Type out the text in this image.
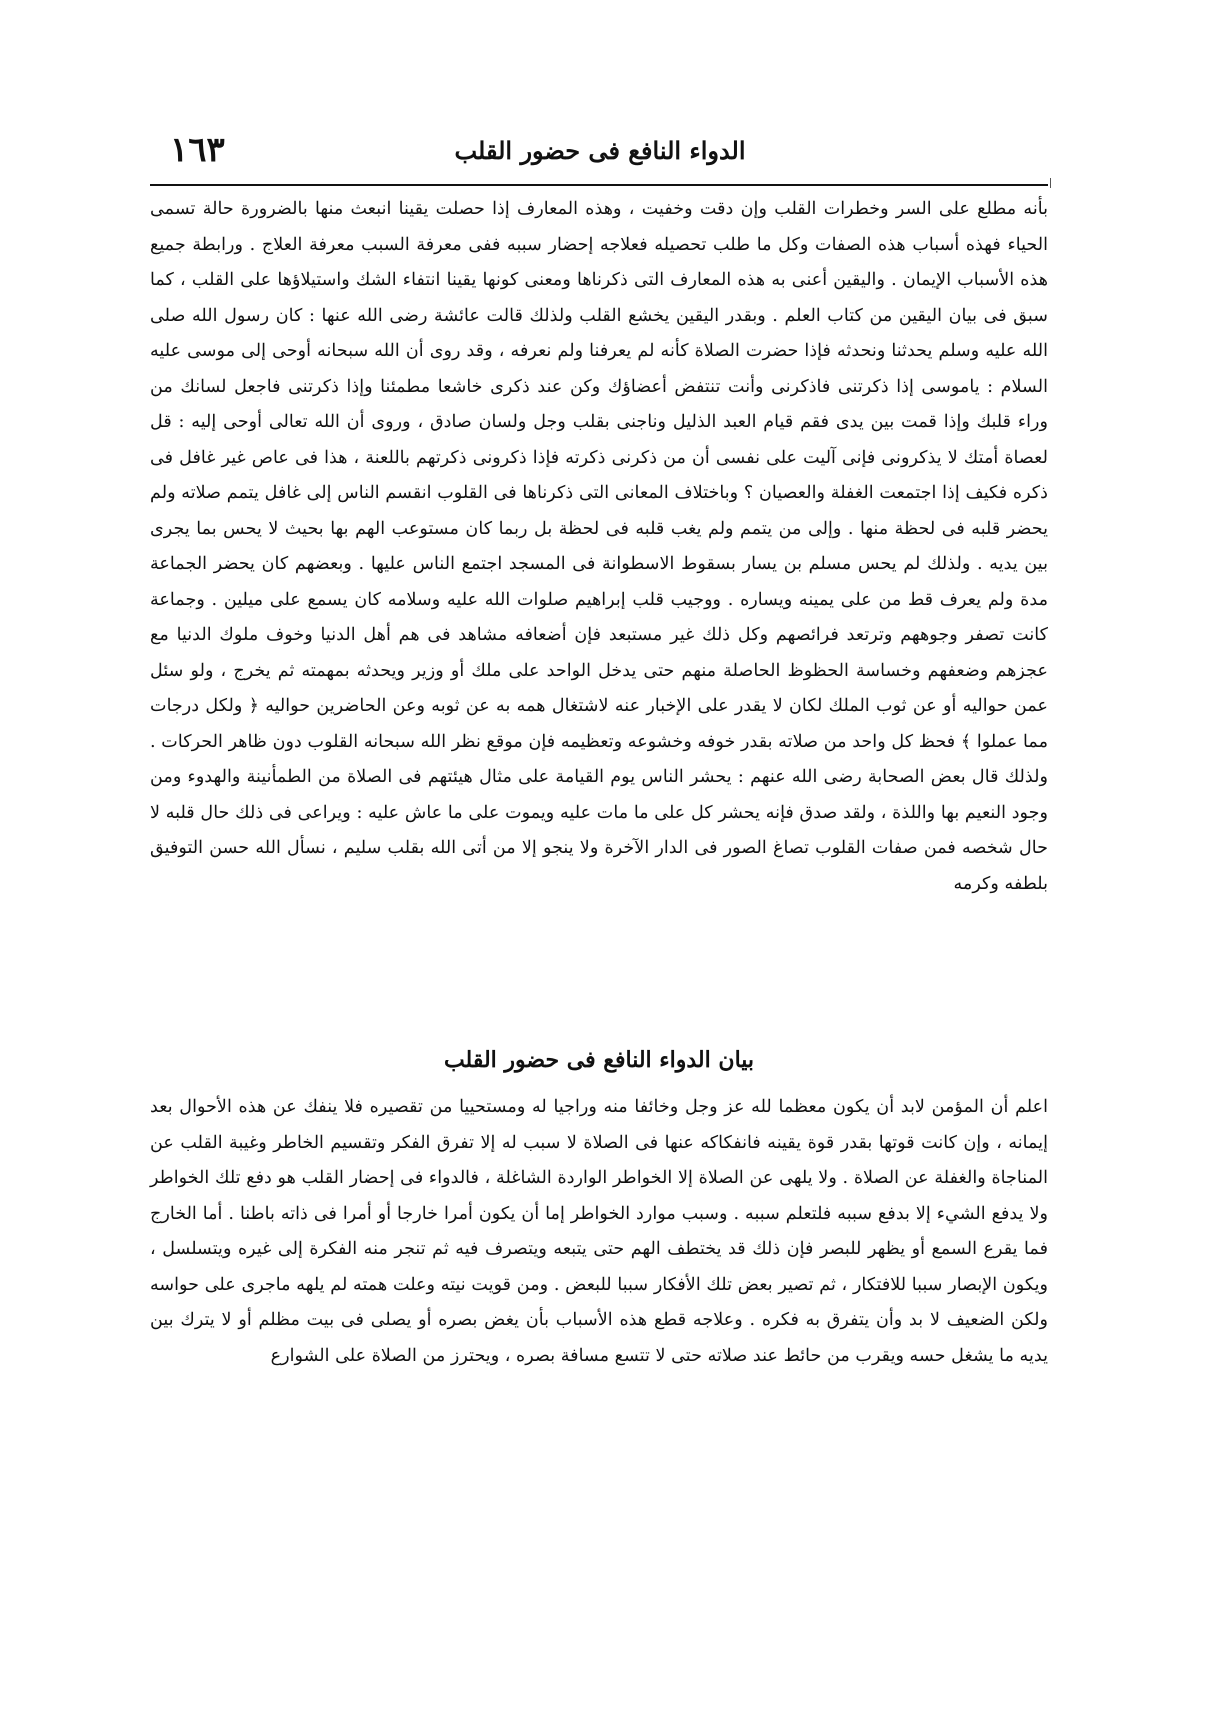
١٦٣	الدواء النافع فى حضور القلب

بأنه مطلع على السر وخطرات القلب وإن دقت وخفيت ، وهذه المعارف إذا حصلت يقينا انبعث منها بالضرورة حالة تسمى الحياء فهذه أسباب هذه الصفات وكل ما طلب تحصيله فعلاجه إحضار سببه ففى معرفة السبب معرفة العلاج . ورابطة جميع هذه الأسباب الإيمان . واليقين أعنى به هذه المعارف التى ذكرناها ومعنى كونها يقينا انتفاء الشك واستيلاؤها على القلب ، كما سبق فى بيان اليقين من كتاب العلم . وبقدر اليقين يخشع القلب ولذلك قالت عائشة رضى الله عنها : كان رسول الله صلى الله عليه وسلم يحدثنا ونحدثه فإذا حضرت الصلاة كأنه لم يعرفنا ولم نعرفه ، وقد روى أن الله سبحانه أوحى إلى موسى عليه السلام : ياموسى إذا ذكرتنى فاذكرنى وأنت تنتفض أعضاؤك وكن عند ذكرى خاشعا مطمئنا وإذا ذكرتنى فاجعل لسانك من وراء قلبك وإذا قمت بين يدى فقم قيام العبد الذليل وناجنى بقلب وجل ولسان صادق ، وروى أن الله تعالى أوحى إليه : قل لعصاة أمتك لا يذكرونى فإنى آليت على نفسى أن من ذكرنى ذكرته فإذا ذكرونى ذكرتهم باللعنة ، هذا فى عاص غير غافل فى ذكره فكيف إذا اجتمعت الغفلة والعصيان ؟ وباختلاف المعانى التى ذكرناها فى القلوب انقسم الناس إلى غافل يتمم صلاته ولم يحضر قلبه فى لحظة منها . وإلى من يتمم ولم يغب قلبه فى لحظة بل ربما كان مستوعب الهم بها بحيث لا يحس بما يجرى بين يديه . ولذلك لم يحس مسلم بن يسار بسقوط الاسطوانة فى المسجد اجتمع الناس عليها . وبعضهم كان يحضر الجماعة مدة ولم يعرف قط من على يمينه ويساره . ووجيب قلب إبراهيم صلوات الله عليه وسلامه كان يسمع على ميلين . وجماعة كانت تصفر وجوههم وترتعد فرائصهم وكل ذلك غير مستبعد فإن أضعافه مشاهد فى هم أهل الدنيا وخوف ملوك الدنيا مع عجزهم وضعفهم وخساسة الحظوظ الحاصلة منهم حتى يدخل الواحد على ملك أو وزير ويحدثه بمهمته ثم يخرج ، ولو سئل عمن حواليه أو عن ثوب الملك لكان لا يقدر على الإخبار عنه لاشتغال همه به عن ثوبه وعن الحاضرين حواليه ﴿ ولكل درجات مما عملوا ﴾ فحظ كل واحد من صلاته بقدر خوفه وخشوعه وتعظيمه فإن موقع نظر الله سبحانه القلوب دون ظاهر الحركات . ولذلك قال بعض الصحابة رضى الله عنهم : يحشر الناس يوم القيامة على مثال هيئتهم فى الصلاة من الطمأنينة والهدوء ومن وجود النعيم بها واللذة ، ولقد صدق فإنه يحشر كل على ما مات عليه ويموت على ما عاش عليه : ويراعى فى ذلك حال قلبه لا حال شخصه فمن صفات القلوب تصاغ الصور فى الدار الآخرة ولا ينجو إلا من أتى الله بقلب سليم ، نسأل الله حسن التوفيق بلطفه وكرمه

بيان الدواء النافع فى حضور القلب

اعلم أن المؤمن لابد أن يكون معظما لله عز وجل وخائفا منه وراجيا له ومستحييا من تقصيره فلا ينفك عن هذه الأحوال بعد إيمانه ، وإن كانت قوتها بقدر قوة يقينه فانفكاكه عنها فى الصلاة لا سبب له إلا تفرق الفكر وتقسيم الخاطر وغيبة القلب عن المناجاة والغفلة عن الصلاة . ولا يلهى عن الصلاة إلا الخواطر الواردة الشاغلة ، فالدواء فى إحضار القلب هو دفع تلك الخواطر ولا يدفع الشيء إلا بدفع سببه فلتعلم سببه . وسبب موارد الخواطر إما أن يكون أمرا خارجا أو أمرا فى ذاته باطنا . أما الخارج فما يقرع السمع أو يظهر للبصر فإن ذلك قد يختطف الهم حتى يتبعه ويتصرف فيه ثم تنجر منه الفكرة إلى غيره ويتسلسل ، ويكون الإبصار سببا للافتكار ، ثم تصير بعض تلك الأفكار سببا للبعض . ومن قويت نيته وعلت همته لم يلهه ماجرى على حواسه ولكن الضعيف لا بد وأن يتفرق به فكره . وعلاجه قطع هذه الأسباب بأن يغض بصره أو يصلى فى بيت مظلم أو لا يترك بين يديه ما يشغل حسه ويقرب من حائط عند صلاته حتى لا تتسع مسافة بصره ، ويحترز من الصلاة على الشوارع
